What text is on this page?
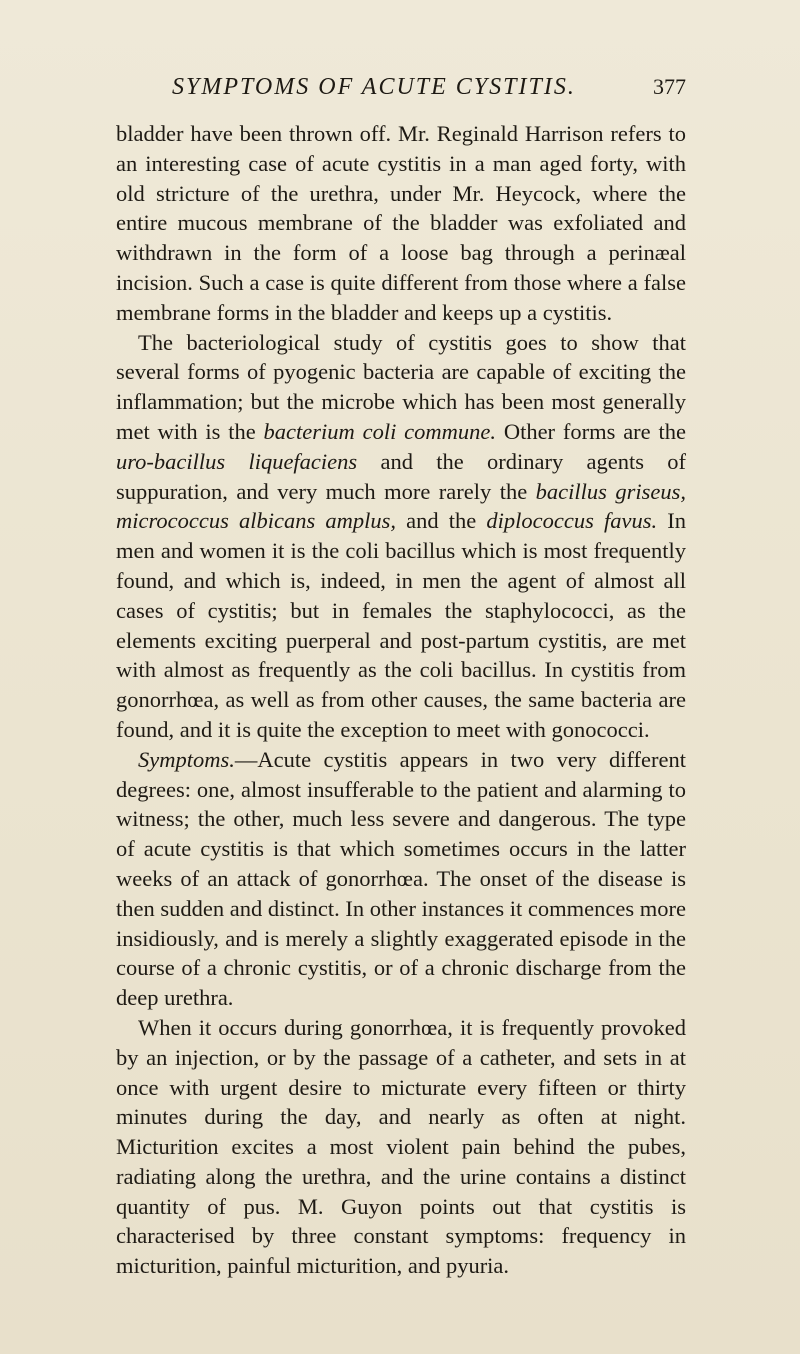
SYMPTOMS OF ACUTE CYSTITIS.	377

bladder have been thrown off. Mr. Reginald Harrison refers to an interesting case of acute cystitis in a man aged forty, with old stricture of the urethra, under Mr. Heycock, where the entire mucous membrane of the bladder was exfoliated and withdrawn in the form of a loose bag through a perinæal incision. Such a case is quite different from those where a false membrane forms in the bladder and keeps up a cystitis.

The bacteriological study of cystitis goes to show that several forms of pyogenic bacteria are capable of exciting the inflammation; but the microbe which has been most generally met with is the bacterium coli commune. Other forms are the uro-bacillus liquefaciens and the ordinary agents of suppuration, and very much more rarely the bacillus griseus, micrococcus albicans amplus, and the diplococcus favus. In men and women it is the coli bacillus which is most frequently found, and which is, indeed, in men the agent of almost all cases of cystitis; but in females the staphylococci, as the elements exciting puerperal and post-partum cystitis, are met with almost as frequently as the coli bacillus. In cystitis from gonorrhœa, as well as from other causes, the same bacteria are found, and it is quite the exception to meet with gonococci.

Symptoms.—Acute cystitis appears in two very different degrees: one, almost insufferable to the patient and alarming to witness; the other, much less severe and dangerous. The type of acute cystitis is that which sometimes occurs in the latter weeks of an attack of gonorrhœa. The onset of the disease is then sudden and distinct. In other instances it commences more insidiously, and is merely a slightly exaggerated episode in the course of a chronic cystitis, or of a chronic discharge from the deep urethra.

When it occurs during gonorrhœa, it is frequently provoked by an injection, or by the passage of a catheter, and sets in at once with urgent desire to micturate every fifteen or thirty minutes during the day, and nearly as often at night. Micturition excites a most violent pain behind the pubes, radiating along the urethra, and the urine contains a distinct quantity of pus. M. Guyon points out that cystitis is characterised by three constant symptoms: frequency in micturition, painful micturition, and pyuria.
